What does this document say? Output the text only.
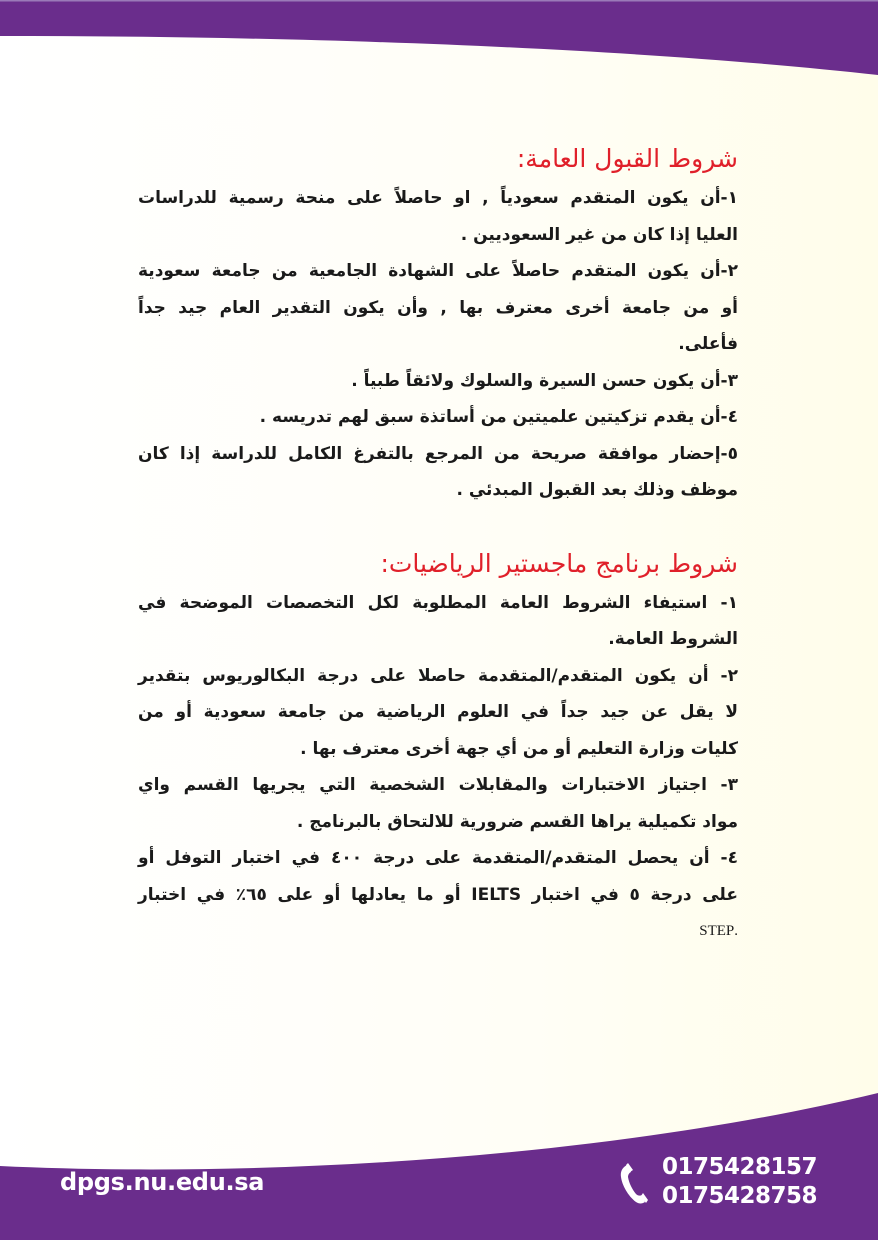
شروط القبول العامة:
١-أن يكون المتقدم سعودياً , او حاصلاً على منحة رسمية للدراسات
العليا إذا كان من غير السعوديين .
٢-أن يكون المتقدم حاصلاً على الشهادة الجامعية من جامعة سعودية
أو من جامعة أخرى معترف بها , وأن يكون التقدير العام جيد جداً
فأعلى.
٣-أن يكون حسن السيرة والسلوك ولائقاً طبياً .
٤-أن يقدم تزكيتين علميتين من أساتذة سبق لهم تدريسه .
٥-إحضار موافقة صريحة من المرجع بالتفرغ الكامل للدراسة إذا كان
موظف وذلك بعد القبول المبدئي .
شروط برنامج ماجستير الرياضيات:
١- استيفاء الشروط العامة المطلوبة لكل التخصصات الموضحة في
الشروط العامة.
٢- أن يكون المتقدم/المتقدمة حاصلا على درجة البكالوريوس بتقدير
لا يقل عن جيد جداً في العلوم الرياضية من جامعة سعودية أو من
كليات وزارة التعليم أو من أي جهة أخرى معترف بها .
٣- اجتياز الاختبارات والمقابلات الشخصية التي يجريها القسم واي
مواد تكميلية يراها القسم ضرورية للالتحاق بالبرنامج .
٤- أن يحصل المتقدم/المتقدمة على درجة ٤٠٠ في اختبار التوفل أو
على درجة ٥ في اختبار IELTS أو ما يعادلها أو على ٦٥٪ في اختبار
.STEP
dpgs.nu.edu.sa
0175428157
0175428758
